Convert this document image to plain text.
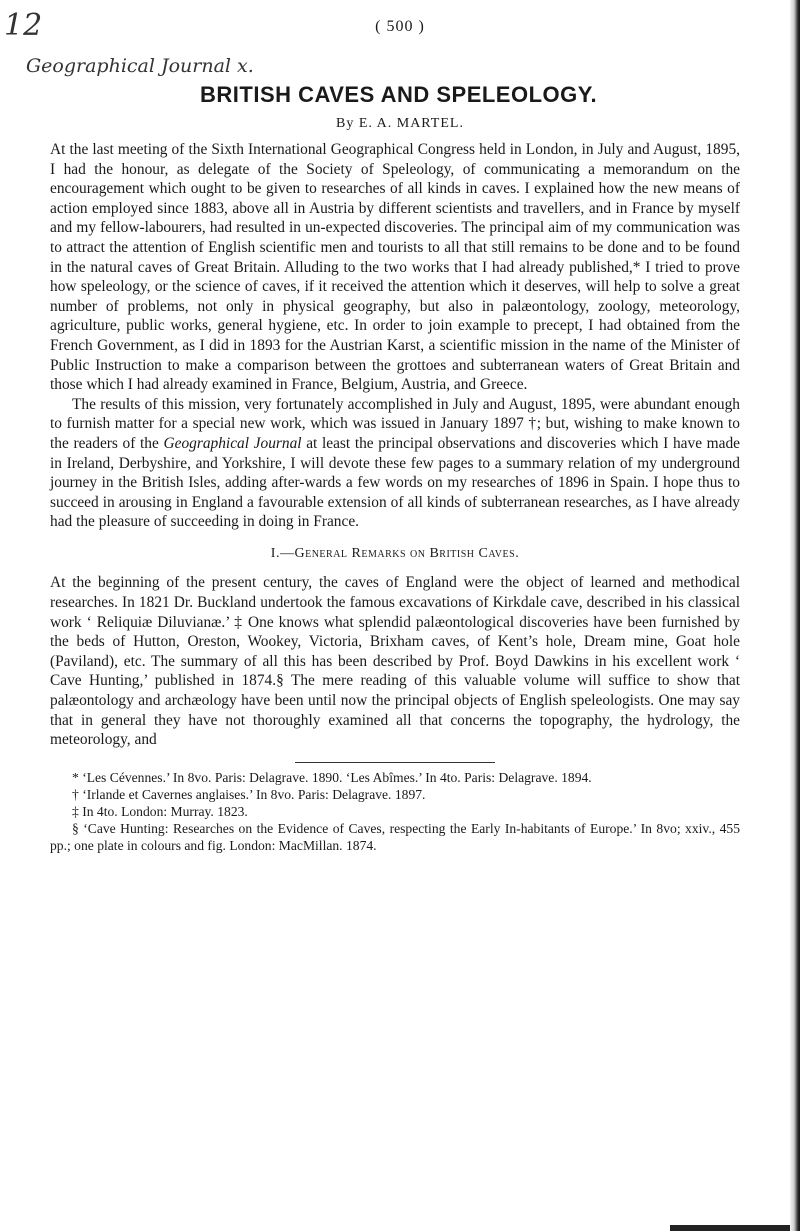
12	( 500 )
Geographical Journal x.
BRITISH CAVES AND SPELEOLOGY.
By E. A. MARTEL.

At the last meeting of the Sixth International Geographical Congress held in London, in July and August, 1895, I had the honour, as delegate of the Society of Speleology, of communicating a memorandum on the encouragement which ought to be given to researches of all kinds in caves. I explained how the new means of action employed since 1883, above all in Austria by different scientists and travellers, and in France by myself and my fellow-labourers, had resulted in un-expected discoveries. The principal aim of my communication was to attract the attention of English scientific men and tourists to all that still remains to be done and to be found in the natural caves of Great Britain. Alluding to the two works that I had already published,* I tried to prove how speleology, or the science of caves, if it received the attention which it deserves, will help to solve a great number of problems, not only in physical geography, but also in palæontology, zoology, meteorology, agriculture, public works, general hygiene, etc. In order to join example to precept, I had obtained from the French Government, as I did in 1893 for the Austrian Karst, a scientific mission in the name of the Minister of Public Instruction to make a comparison between the grottoes and subterranean waters of Great Britain and those which I had already examined in France, Belgium, Austria, and Greece.

The results of this mission, very fortunately accomplished in July and August, 1895, were abundant enough to furnish matter for a special new work, which was issued in January 1897 †; but, wishing to make known to the readers of the Geographical Journal at least the principal observations and discoveries which I have made in Ireland, Derbyshire, and Yorkshire, I will devote these few pages to a summary relation of my underground journey in the British Isles, adding after-wards a few words on my researches of 1896 in Spain. I hope thus to succeed in arousing in England a favourable extension of all kinds of subterranean researches, as I have already had the pleasure of succeeding in doing in France.

I.—General Remarks on British Caves.

At the beginning of the present century, the caves of England were the object of learned and methodical researches. In 1821 Dr. Buckland undertook the famous excavations of Kirkdale cave, described in his classical work ‘ Reliquiæ Diluvianæ.’ ‡ One knows what splendid palæontological discoveries have been furnished by the beds of Hutton, Oreston, Wookey, Victoria, Brixham caves, of Kent’s hole, Dream mine, Goat hole (Paviland), etc. The summary of all this has been described by Prof. Boyd Dawkins in his excellent work ‘ Cave Hunting,’ published in 1874.§ The mere reading of this valuable volume will suffice to show that palæontology and archæology have been until now the principal objects of English speleologists. One may say that in general they have not thoroughly examined all that concerns the topography, the hydrology, the meteorology, and

* ‘Les Cévennes.’ In 8vo. Paris: Delagrave. 1890. ‘Les Abîmes.’ In 4to. Paris: Delagrave. 1894.
† ‘Irlande et Cavernes anglaises.’ In 8vo. Paris: Delagrave. 1897.
‡ In 4to. London: Murray. 1823.
§ ‘Cave Hunting: Researches on the Evidence of Caves, respecting the Early In-habitants of Europe.’ In 8vo; xxiv., 455 pp.; one plate in colours and fig. London: MacMillan. 1874.
